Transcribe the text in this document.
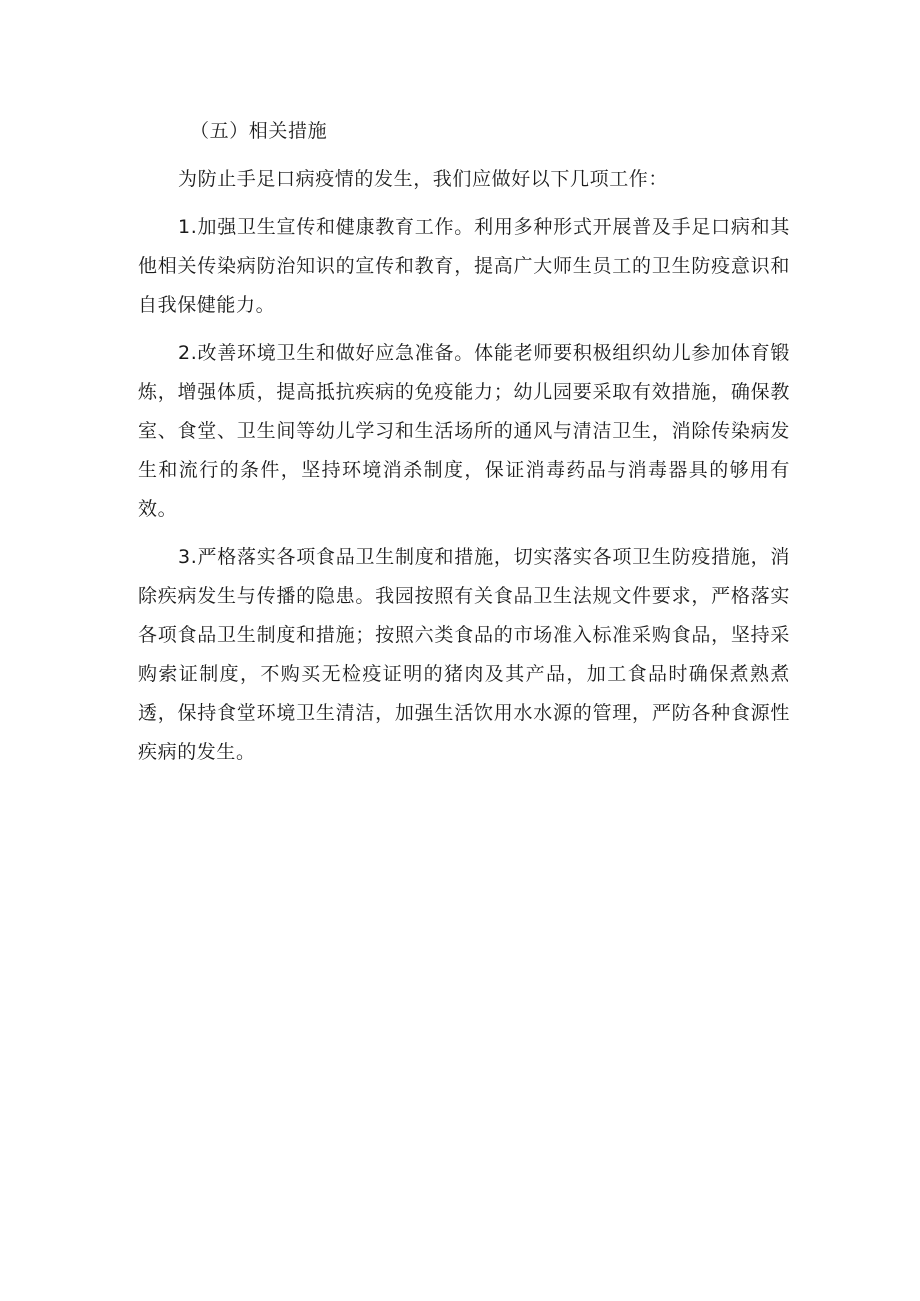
（五）相关措施

为防止手足口病疫情的发生，我们应做好以下几项工作：

1.加强卫生宣传和健康教育工作。利用多种形式开展普及手足口病和其他相关传染病防治知识的宣传和教育，提高广大师生员工的卫生防疫意识和自我保健能力。

2.改善环境卫生和做好应急准备。体能老师要积极组织幼儿参加体育锻炼，增强体质，提高抵抗疾病的免疫能力；幼儿园要采取有效措施，确保教室、食堂、卫生间等幼儿学习和生活场所的通风与清洁卫生，消除传染病发生和流行的条件，坚持环境消杀制度，保证消毒药品与消毒器具的够用有效。

3.严格落实各项食品卫生制度和措施，切实落实各项卫生防疫措施，消除疾病发生与传播的隐患。我园按照有关食品卫生法规文件要求，严格落实各项食品卫生制度和措施；按照六类食品的市场准入标准采购食品，坚持采购索证制度，不购买无检疫证明的猪肉及其产品，加工食品时确保煮熟煮透，保持食堂环境卫生清洁，加强生活饮用水水源的管理，严防各种食源性疾病的发生。
